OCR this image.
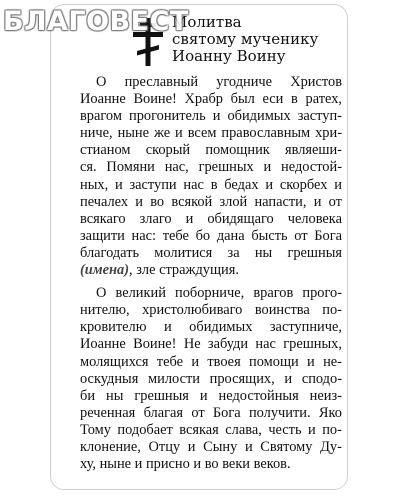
БЛАГОВЕСТ
Молитва
святому мученику
Иоанну Воину
О преславный угодниче Христов
Иоанне Воине! Храбр был еси в ратех,
врагом прогонитель и обидимых заступ-
ниче, ныне же и всем православным хри-
стианом скорый помощник являеши-
ся. Помяни нас, грешных и недостой-
ных, и заступи нас в бедах и скорбех и
печалех и во всякой злой напасти, и от
всякаго злаго и обидящаго человека
защити нас: тебе бо дана бысть от Бога
благодать молитися за ны грешныя
(имена) , зле страждущия.
О великий поборниче, врагов прого-
нителю, христолюбиваго воинства по-
кровителю и обидимых заступниче,
Иоанне Воине! Не забуди нас грешных,
молящихся тебе и твоея помощи и не-
оскудныя милости просящих, и сподо-
би ны грешныя и недостойныя неиз-
реченная благая от Бога получити. Яко
Тому подобает всякая слава, честь и по-
клонение, Отцу и Сыну и Святому Ду-
ху, ныне и присно и во веки веков.
